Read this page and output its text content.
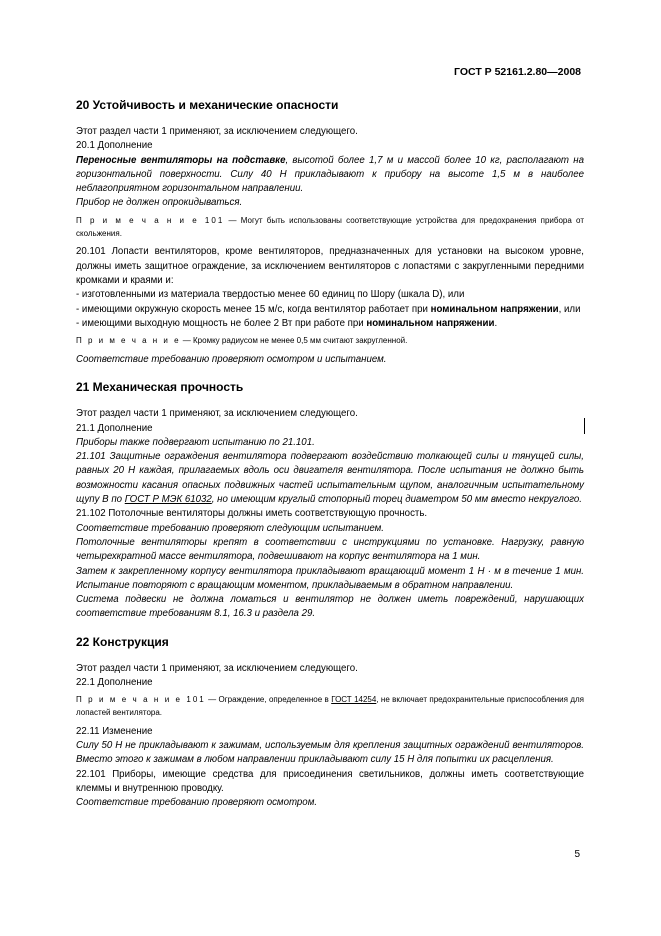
ГОСТ Р 52161.2.80—2008
20 Устойчивость и механические опасности

Этот раздел части 1 применяют, за исключением следующего.

20.1 Дополнение

Переносные вентиляторы на подставке, высотой более 1,7 м и массой более 10 кг, располагают на горизонтальной поверхности. Силу 40 Н прикладывают к прибору на высоте 1,5 м в наиболее неблагоприятном горизонтальном направлении.

Прибор не должен опрокидываться.

П р и м е ч а н и е 101 — Могут быть использованы соответствующие устройства для предохранения прибора от скольжения.

20.101 Лопасти вентиляторов, кроме вентиляторов, предназначенных для установки на высоком уровне, должны иметь защитное ограждение, за исключением вентиляторов с лопастями с закругленными передними кромками и краями и:

- изготовленными из материала твердостью менее 60 единиц по Шору (шкала D), или

- имеющими окружную скорость менее 15 м/с, когда вентилятор работает при номинальном напряжении, или

- имеющими выходную мощность не более 2 Вт при работе при номинальном напряжении.

П р и м е ч а н и е — Кромку радиусом не менее 0,5 мм считают закругленной.

Соответствие требованию проверяют осмотром и испытанием.

21 Механическая прочность

Этот раздел части 1 применяют, за исключением следующего.

21.1 Дополнение

Приборы также подвергают испытанию по 21.101.

21.101 Защитные ограждения вентилятора подвергают воздействию толкающей силы и тянущей силы, равных 20 Н каждая, прилагаемых вдоль оси двигателя вентилятора. После испытания не должно быть возможности касания опасных подвижных частей испытательным щупом, аналогичным испытательному щупу B по ГОСТ Р МЭК 61032, но имеющим круглый стопорный торец диаметром 50 мм вместо некруглого.

21.102 Потолочные вентиляторы должны иметь соответствующую прочность.

Соответствие требованию проверяют следующим испытанием.

Потолочные вентиляторы крепят в соответствии с инструкциями по установке. Нагрузку, равную четырехкратной массе вентилятора, подвешивают на корпус вентилятора на 1 мин.

Затем к закрепленному корпусу вентилятора прикладывают вращающий момент 1 Н · м в течение 1 мин. Испытание повторяют с вращающим моментом, прикладываемым в обратном направлении.

Система подвески не должна ломаться и вентилятор не должен иметь повреждений, нарушающих соответствие требованиям 8.1, 16.3 и раздела 29.

22 Конструкция

Этот раздел части 1 применяют, за исключением следующего.

22.1 Дополнение

П р и м е ч а н и е 101 — Ограждение, определенное в ГОСТ 14254, не включает предохранительные приспособления для лопастей вентилятора.

22.11 Изменение

Силу 50 Н не прикладывают к зажимам, используемым для крепления защитных ограждений вентиляторов. Вместо этого к зажимам в любом направлении прикладывают силу 15 Н для попытки их расцепления.

22.101 Приборы, имеющие средства для присоединения светильников, должны иметь соответствующие клеммы и внутреннюю проводку.

Соответствие требованию проверяют осмотром.

5
